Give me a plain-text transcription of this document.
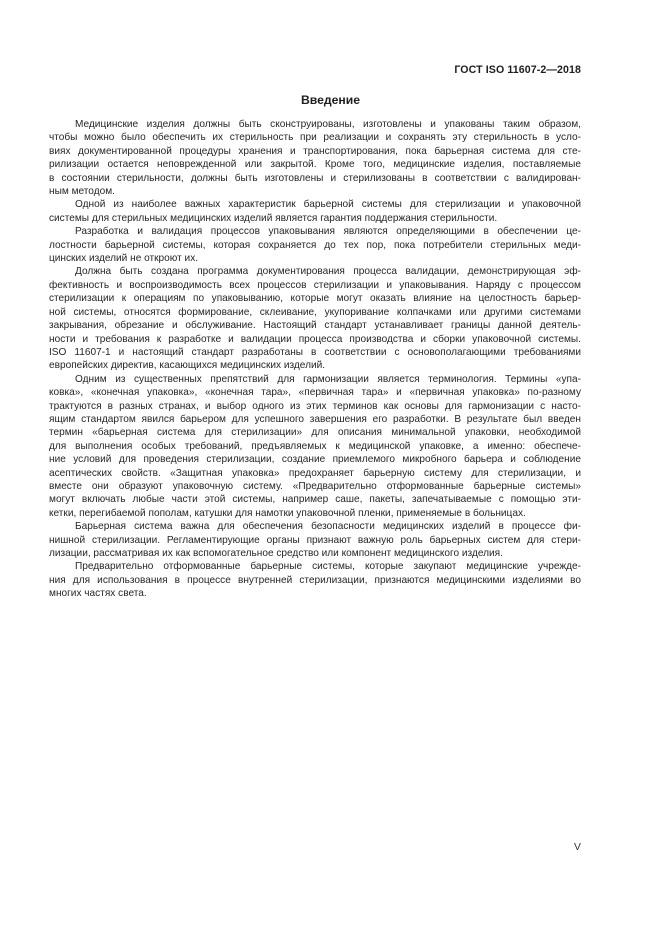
ГОСТ ISO 11607-2—2018
Введение

Медицинские изделия должны быть сконструированы, изготовлены и упакованы таким образом,
чтобы можно было обеспечить их стерильность при реализации и сохранять эту стерильность в усло-
виях документированной процедуры хранения и транспортирования, пока барьерная система для сте-
рилизации остается неповрежденной или закрытой. Кроме того, медицинские изделия, поставляемые
в состоянии стерильности, должны быть изготовлены и стерилизованы в соответствии с валидирован-
ным методом.

Одной из наиболее важных характеристик барьерной системы для стерилизации и упаковочной
системы для стерильных медицинских изделий является гарантия поддержания стерильности.

Разработка и валидация процессов упаковывания являются определяющими в обеспечении це-
лостности барьерной системы, которая сохраняется до тех пор, пока потребители стерильных меди-
цинских изделий не откроют их.

Должна быть создана программа документирования процесса валидации, демонстрирующая эф-
фективность и воспроизводимость всех процессов стерилизации и упаковывания. Наряду с процессом
стерилизации к операциям по упаковыванию, которые могут оказать влияние на целостность барьер-
ной системы, относятся формирование, склеивание, укупоривание колпачками или другими системами
закрывания, обрезание и обслуживание. Настоящий стандарт устанавливает границы данной деятель-
ности и требования к разработке и валидации процесса производства и сборки упаковочной системы.
ISO 11607-1 и настоящий стандарт разработаны в соответствии с основополагающими требованиями
европейских директив, касающихся медицинских изделий.

Одним из существенных препятствий для гармонизации является терминология. Термины «упа-
ковка», «конечная упаковка», «конечная тара», «первичная тара» и «первичная упаковка» по-разному
трактуются в разных странах, и выбор одного из этих терминов как основы для гармонизации с насто-
ящим стандартом явился барьером для успешного завершения его разработки. В результате был введен
термин «барьерная система для стерилизации» для описания минимальной упаковки, необходимой
для выполнения особых требований, предъявляемых к медицинской упаковке, а именно: обеспече-
ние условий для проведения стерилизации, создание приемлемого микробного барьера и соблюдение
асептических свойств. «Защитная упаковка» предохраняет барьерную систему для стерилизации, и
вместе они образуют упаковочную систему. «Предварительно отформованные барьерные системы»
могут включать любые части этой системы, например саше, пакеты, запечатываемые с помощью эти-
кетки, перегибаемой пополам, катушки для намотки упаковочной пленки, применяемые в больницах.

Барьерная система важна для обеспечения безопасности медицинских изделий в процессе фи-
нишной стерилизации. Регламентирующие органы признают важную роль барьерных систем для стери-
лизации, рассматривая их как вспомогательное средство или компонент медицинского изделия.

Предварительно отформованные барьерные системы, которые закупают медицинские учрежде-
ния для использования в процессе внутренней стерилизации, признаются медицинскими изделиями во
многих частях света.

V
